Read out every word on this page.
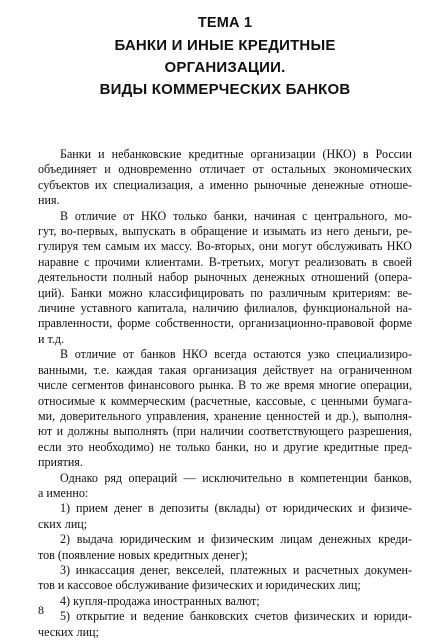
ТЕМА 1
БАНКИ И ИНЫЕ КРЕДИТНЫЕ
ОРГАНИЗАЦИИ.
ВИДЫ КОММЕРЧЕСКИХ БАНКОВ

Банки и небанковские кредитные организации (НКО) в России
объединяет и одновременно отличает от остальных экономических
субъектов их специализация, а именно рыночные денежные отноше-
ния.

В отличие от НКО только банки, начиная с центрального, мо-
гут, во-первых, выпускать в обращение и изымать из него деньги, ре-
гулируя тем самым их массу. Во-вторых, они могут обслуживать НКО
наравне с прочими клиентами. В-третьих, могут реализовать в своей
деятельности полный набор рыночных денежных отношений (опера-
ций). Банки можно классифицировать по различным критериям: ве-
личине уставного капитала, наличию филиалов, функциональной на-
правленности, форме собственности, организационно-правовой форме
и т.д.

В отличие от банков НКО всегда остаются узко специализиро-
ванными, т.е. каждая такая организация действует на ограниченном
числе сегментов финансового рынка. В то же время многие операции,
относимые к коммерческим (расчетные, кассовые, с ценными бумага-
ми, доверительного управления, хранение ценностей и др.), выполня-
ют и должны выполнять (при наличии соответствующего разрешения,
если это необходимо) не только банки, но и другие кредитные пред-
приятия.

Однако ряд операций — исключительно в компетенции банков,
а именно:

1) прием денег в депозиты (вклады) от юридических и физиче-
ских лиц;

2) выдача юридическим и физическим лицам денежных креди-
тов (появление новых кредитных денег);

3) инкассация денег, векселей, платежных и расчетных докумен-
тов и кассовое обслуживание физических и юридических лиц;

4) купля-продажа иностранных валют;

5) открытие и ведение банковских счетов физических и юриди-
ческих лиц;

8
